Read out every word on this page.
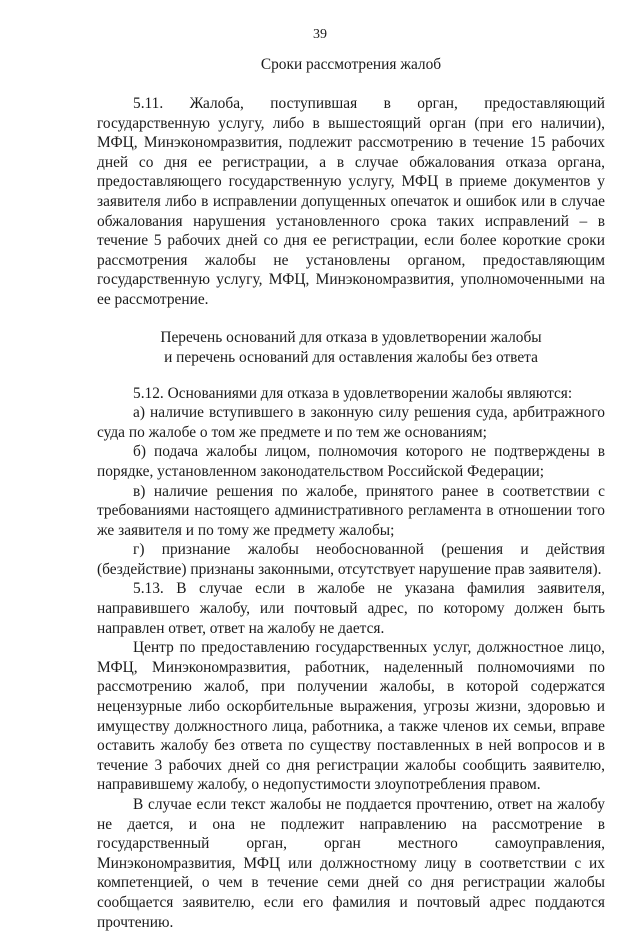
39
Сроки рассмотрения жалоб

5.11. Жалоба, поступившая в орган, предоставляющий государственную услугу, либо в вышестоящий орган (при его наличии), МФЦ, Минэкономразвития, подлежит рассмотрению в течение 15 рабочих дней со дня ее регистрации, а в случае обжалования отказа органа, предоставляющего государственную услугу, МФЦ в приеме документов у заявителя либо в исправлении допущенных опечаток и ошибок или в случае обжалования нарушения установленного срока таких исправлений – в течение 5 рабочих дней со дня ее регистрации, если более короткие сроки рассмотрения жалобы не установлены органом, предоставляющим государственную услугу, МФЦ, Минэкономразвития, уполномоченными на ее рассмотрение.

Перечень оснований для отказа в удовлетворении жалобы
и перечень оснований для оставления жалобы без ответа

5.12. Основаниями для отказа в удовлетворении жалобы являются:

а) наличие вступившего в законную силу решения суда, арбитражного суда по жалобе о том же предмете и по тем же основаниям;

б) подача жалобы лицом, полномочия которого не подтверждены в порядке, установленном законодательством Российской Федерации;

в) наличие решения по жалобе, принятого ранее в соответствии с требованиями настоящего административного регламента в отношении того же заявителя и по тому же предмету жалобы;

г) признание жалобы необоснованной (решения и действия (бездействие) признаны законными, отсутствует нарушение прав заявителя).

5.13. В случае если в жалобе не указана фамилия заявителя, направившего жалобу, или почтовый адрес, по которому должен быть направлен ответ, ответ на жалобу не дается.

Центр по предоставлению государственных услуг, должностное лицо, МФЦ, Минэкономразвития, работник, наделенный полномочиями по рассмотрению жалоб, при получении жалобы, в которой содержатся нецензурные либо оскорбительные выражения, угрозы жизни, здоровью и имуществу должностного лица, работника, а также членов их семьи, вправе оставить жалобу без ответа по существу поставленных в ней вопросов и в течение 3 рабочих дней со дня регистрации жалобы сообщить заявителю, направившему жалобу, о недопустимости злоупотребления правом.

В случае если текст жалобы не поддается прочтению, ответ на жалобу не дается, и она не подлежит направлению на рассмотрение в государственный орган, орган местного самоуправления, Минэкономразвития, МФЦ или должностному лицу в соответствии с их компетенцией, о чем в течение семи дней со дня регистрации жалобы сообщается заявителю, если его фамилия и почтовый адрес поддаются прочтению.
